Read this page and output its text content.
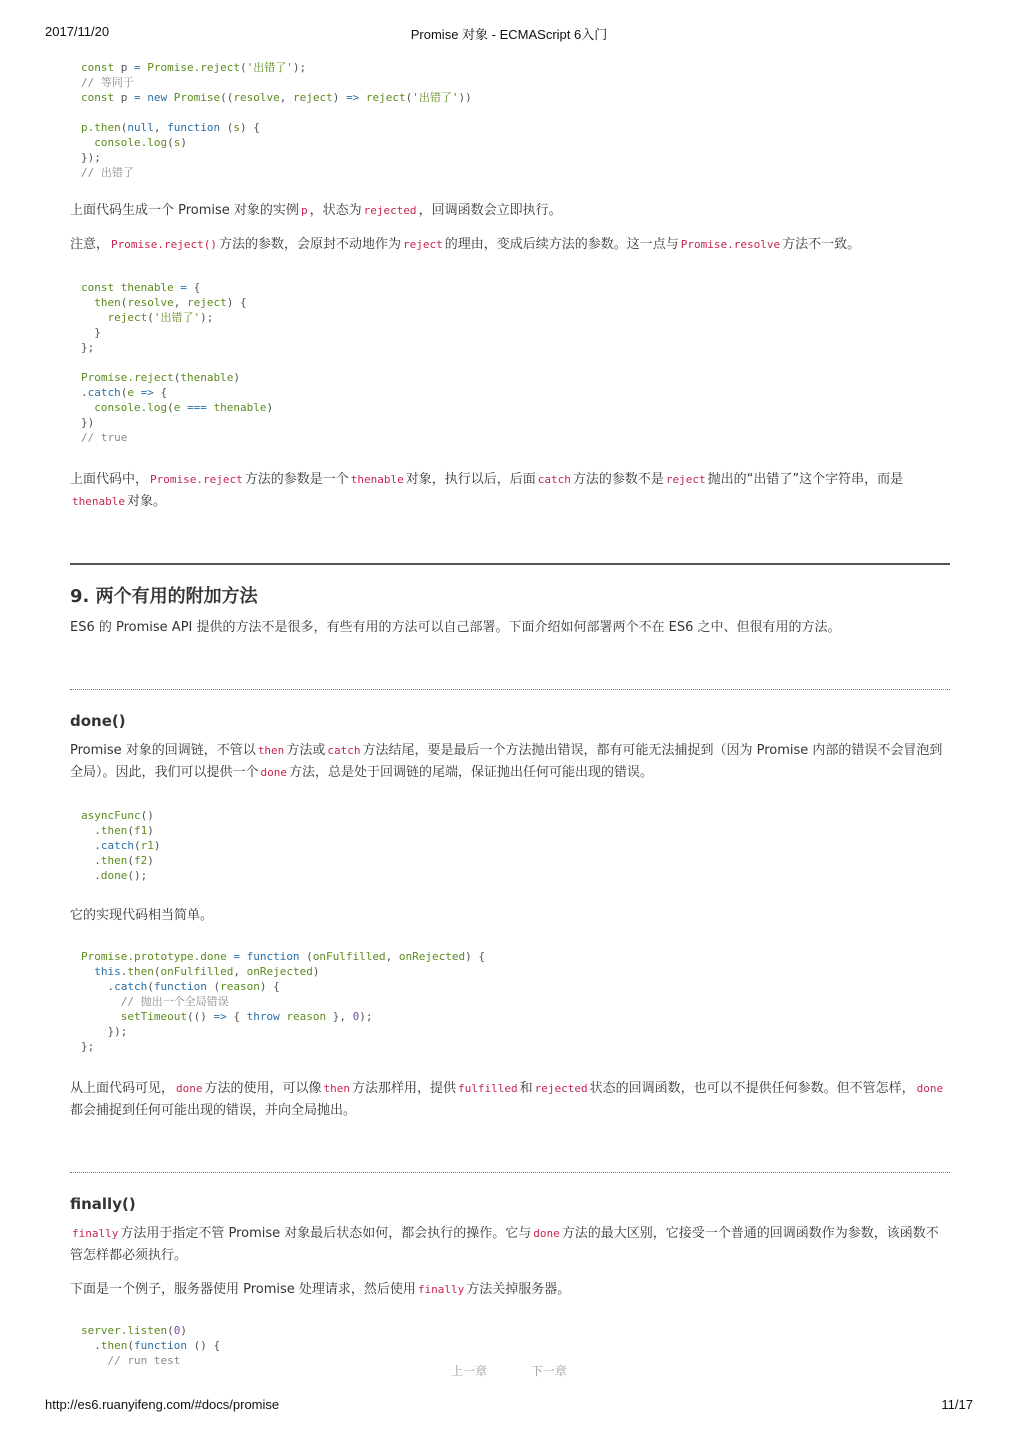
2017/11/20	Promise 对象 - ECMAScript 6入门
const p = Promise.reject('出错了');
// 等同于
const p = new Promise((resolve, reject) => reject('出错了'))

p.then(null, function (s) {
console.log(s)
});
// 出错了

上面代码生成一个 Promise 对象的实例 p ，状态为 rejected ，回调函数会立即执行。

注意， Promise.reject() 方法的参数，会原封不动地作为 reject 的理由，变成后续方法的参数。这一点与 Promise.resolve 方法不一致。

const thenable = {
then(resolve, reject) {
reject('出错了');
}
};

Promise.reject(thenable)
.catch(e => {
console.log(e === thenable)
})
// true

上面代码中， Promise.reject 方法的参数是一个 thenable 对象，执行以后，后面 catch 方法的参数不是 reject 抛出的“出错了”这个字符串，而是thenable 对象。

9. 两个有用的附加方法

ES6 的 Promise API 提供的方法不是很多，有些有用的方法可以自己部署。下面介绍如何部署两个不在 ES6 之中、但很有用的方法。

done()

Promise 对象的回调链，不管以 then 方法或 catch 方法结尾，要是最后一个方法抛出错误，都有可能无法捕捉到（因为 Promise 内部的错误不会冒泡到全局）。因此，我们可以提供一个 done 方法，总是处于回调链的尾端，保证抛出任何可能出现的错误。

asyncFunc()
.then(f1)
.catch(r1)
.then(f2)
.done();

它的实现代码相当简单。

Promise.prototype.done = function (onFulfilled, onRejected) {
this.then(onFulfilled, onRejected)
.catch(function (reason) {
// 抛出一个全局错误
setTimeout(() => { throw reason }, 0);
});
};

从上面代码可见， done 方法的使用，可以像 then 方法那样用，提供 fulfilled 和 rejected 状态的回调函数，也可以不提供任何参数。但不管怎样， done都会捕捉到任何可能出现的错误，并向全局抛出。

finally()

finally 方法用于指定不管 Promise 对象最后状态如何，都会执行的操作。它与 done 方法的最大区别，它接受一个普通的回调函数作为参数，该函数不管怎样都必须执行。

下面是一个例子，服务器使用 Promise 处理请求，然后使用 finally 方法关掉服务器。

server.listen(0)
.then(function () {
// run test
上一章	下一章
http://es6.ruanyifeng.com/#docs/promise	11/17
